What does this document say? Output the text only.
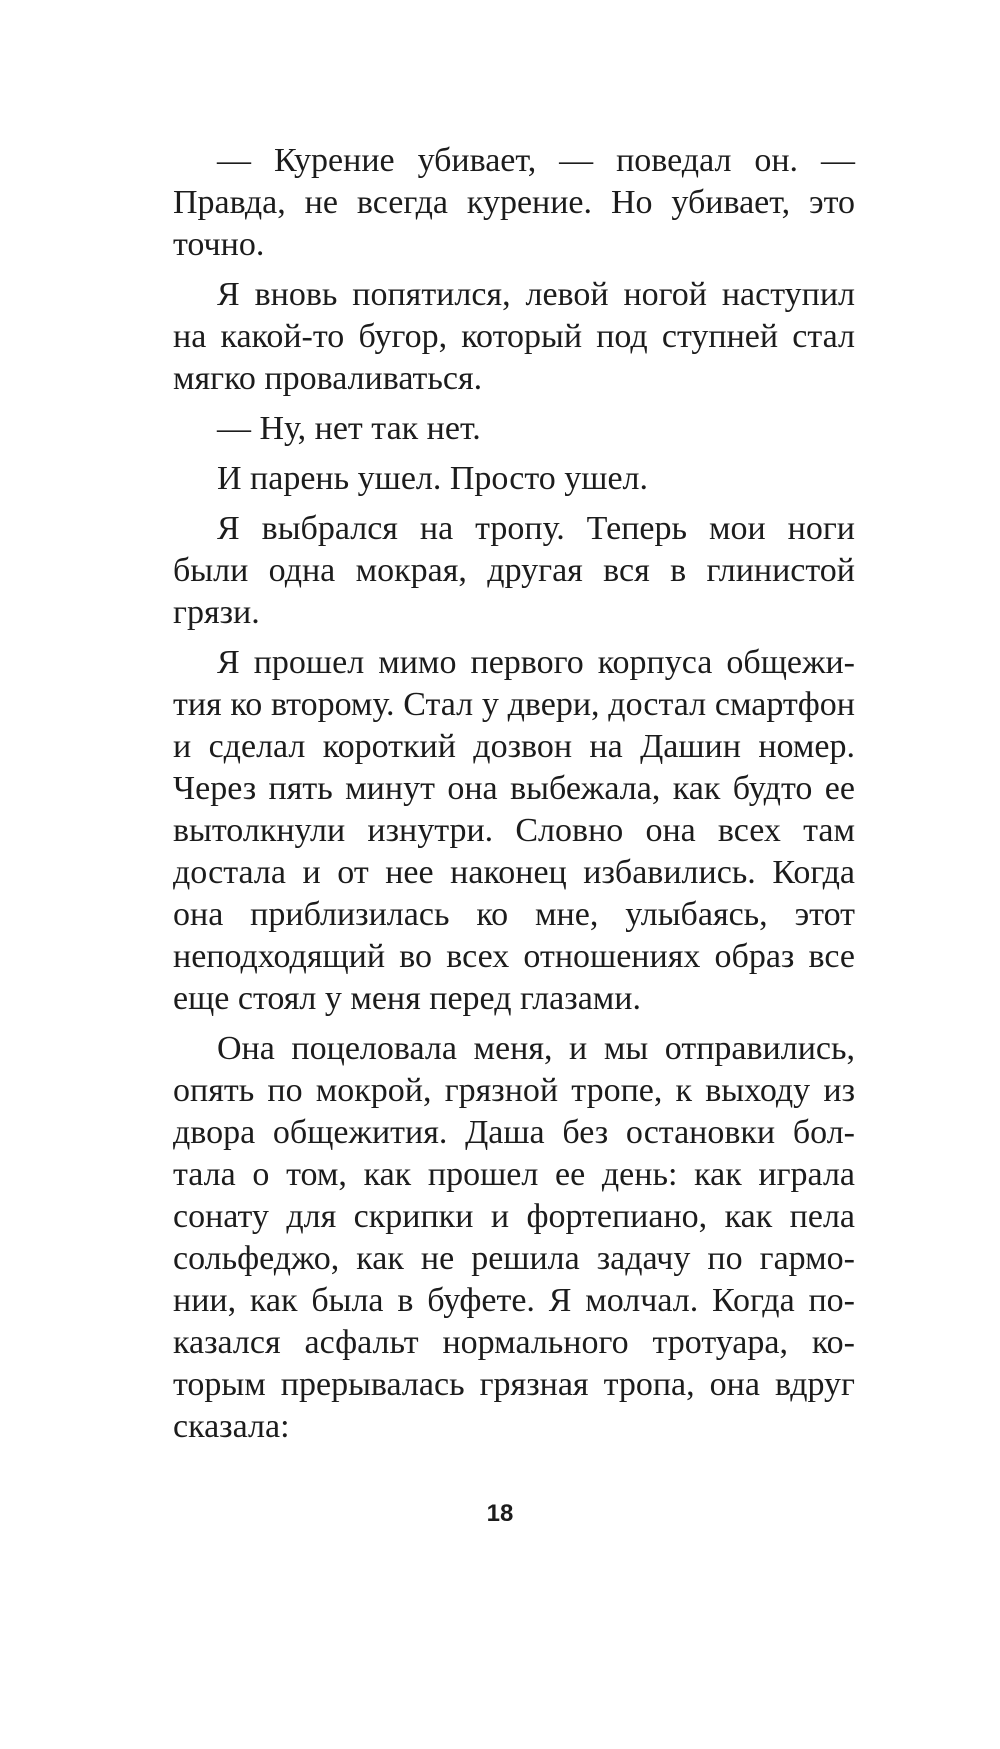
— Курение убивает, — поведал он. — Правда, не всегда курение. Но убивает, это точно.

Я вновь попятился, левой ногой наступил на какой-то бугор, который под ступней стал мягко проваливаться.

— Ну, нет так нет.

И парень ушел. Просто ушел.

Я выбрался на тропу. Теперь мои ноги были одна мокрая, другая вся в глинистой грязи.

Я прошел мимо первого корпуса общежития ко второму. Стал у двери, достал смартфон и сделал короткий дозвон на Дашин номер. Через пять минут она выбежала, как будто ее вытолкнули изнутри. Словно она всех там достала и от нее наконец избавились. Когда она приблизилась ко мне, улыбаясь, этот неподходящий во всех отношениях образ все еще стоял у меня перед глазами.

Она поцеловала меня, и мы отправились, опять по мокрой, грязной тропе, к выходу из двора общежития. Даша без остановки болтала о том, как прошел ее день: как играла сонату для скрипки и фортепиано, как пела сольфеджо, как не решила задачу по гармонии, как была в буфете. Я молчал. Когда показался асфальт нормального тротуара, которым прерывалась грязная тропа, она вдруг сказала:

18
